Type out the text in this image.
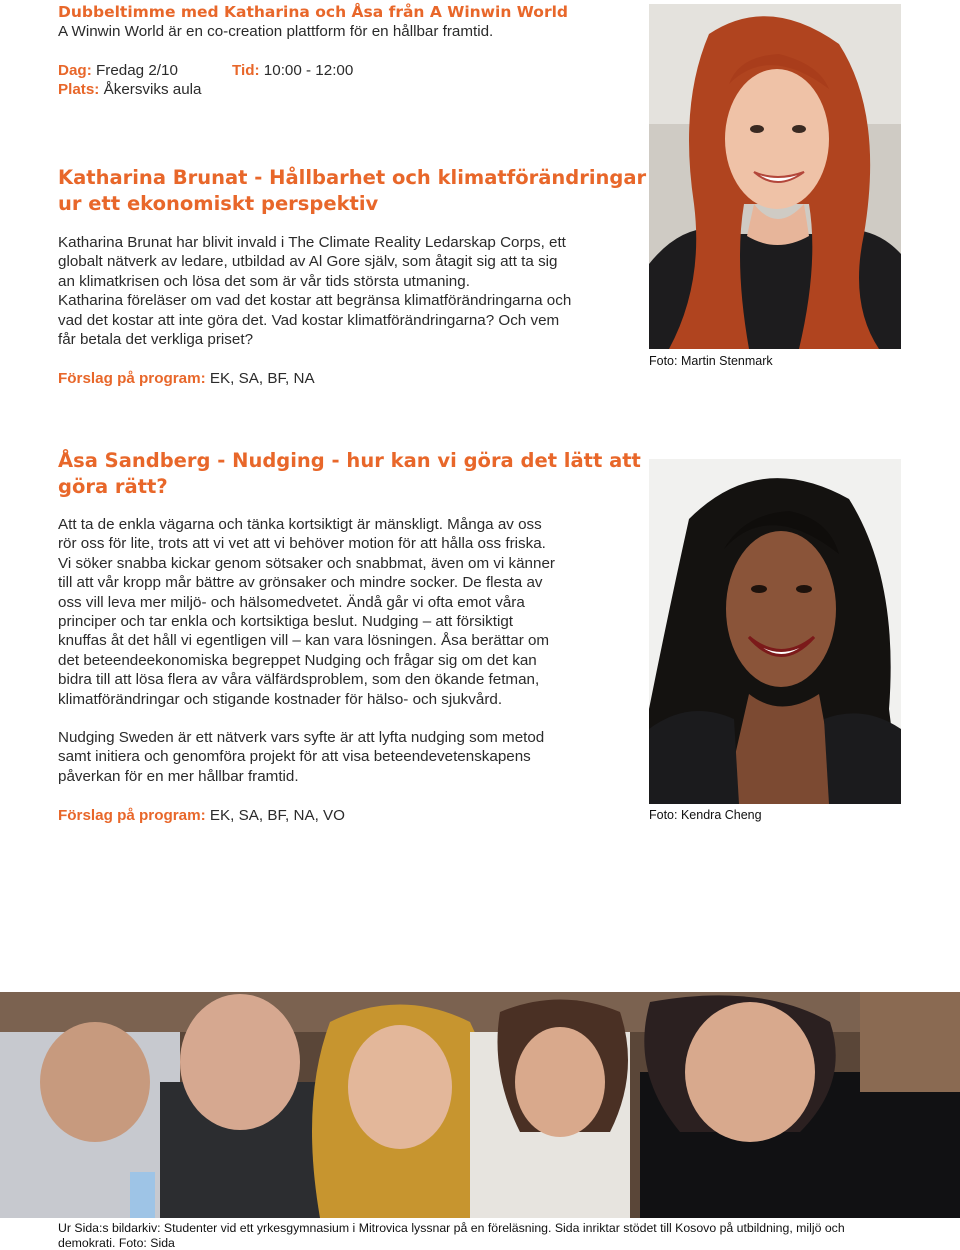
Dubbeltimme med Katharina och Åsa från A Winwin World
A Winwin World är en co-creation plattform för en hållbar framtid.
Dag: Fredag 2/10	Tid: 10:00 - 12:00
Plats: Åkersviks aula
Katharina Brunat - Hållbarhet och klimatförändringar
ur ett ekonomiskt perspektiv

Katharina Brunat har blivit invald i The Climate Reality Ledarskap Corps, ett

globalt nätverk av ledare, utbildad av Al Gore själv, som åtagit sig att ta sig

an klimatkrisen och lösa det som är vår tids största utmaning.

Katharina föreläser om vad det kostar att begränsa klimatförändringarna och

vad det kostar att inte göra det. Vad kostar klimatförändringarna? Och vem

får betala det verkliga priset?

Förslag på program: EK, SA, BF, NA
Foto: Martin Stenmark
Åsa Sandberg - Nudging - hur kan vi göra det lätt att
göra rätt?

Att ta de enkla vägarna och tänka kortsiktigt är mänskligt. Många av oss

rör oss för lite, trots att vi vet att vi behöver motion för att hålla oss friska.

Vi söker snabba kickar genom sötsaker och snabbmat, även om vi känner

till att vår kropp mår bättre av grönsaker och mindre socker. De flesta av

oss vill leva mer miljö- och hälsomedvetet. Ändå går vi ofta emot våra

principer och tar enkla och kortsiktiga beslut. Nudging – att försiktigt

knuffas åt det håll vi egentligen vill – kan vara lösningen. Åsa berättar om

det beteendeekonomiska begreppet Nudging och frågar sig om det kan

bidra till att lösa flera av våra välfärdsproblem, som den ökande fetman,

klimatförändringar och stigande kostnader för hälso- och sjukvård.

Nudging Sweden är ett nätverk vars syfte är att lyfta nudging som metod

samt initiera och genomföra projekt för att visa beteendevetenskapens

påverkan för en mer hållbar framtid.

Förslag på program: EK, SA, BF, NA, VO	Foto: Kendra Cheng
Ur Sida:s bildarkiv: Studenter vid ett yrkesgymnasium i Mitrovica lyssnar på en föreläsning. Sida inriktar stödet till Kosovo på utbildning, miljö och
demokrati. Foto: Sida
